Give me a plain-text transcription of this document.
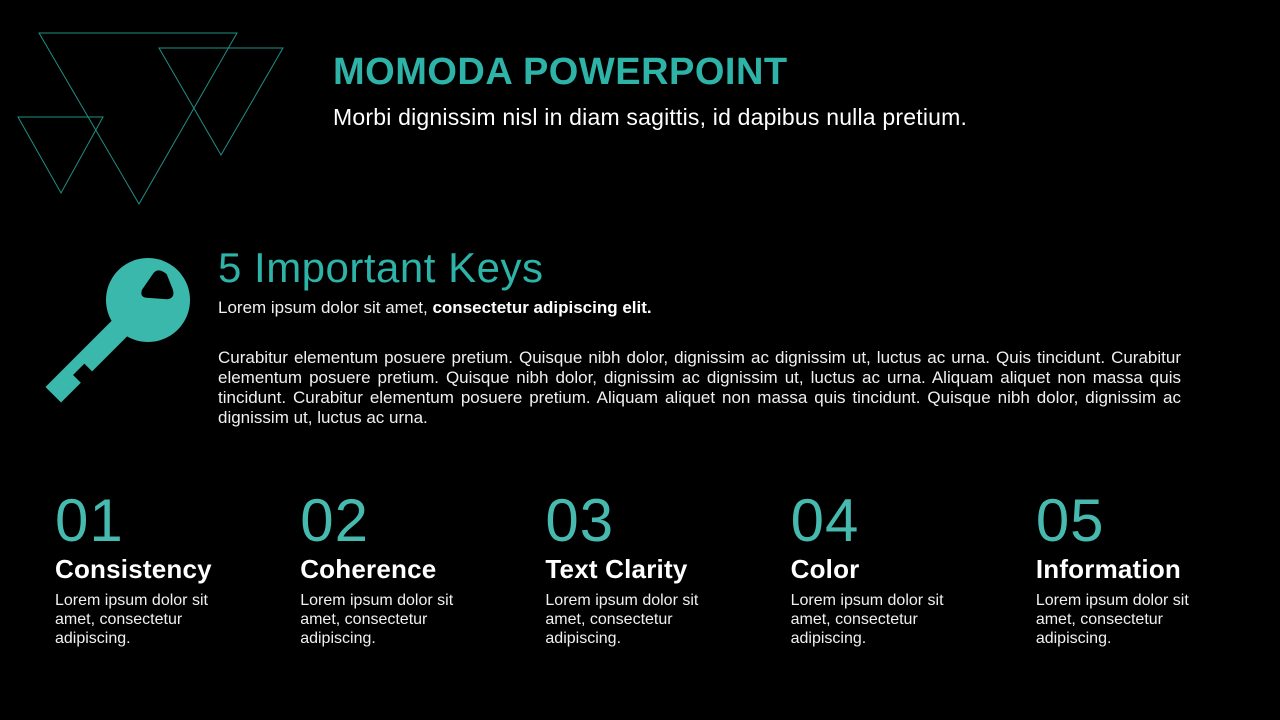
MOMODA POWERPOINT

Morbi dignissim nisl in diam sagittis, id dapibus nulla pretium.

5 Important Keys

Lorem ipsum dolor sit amet, consectetur adipiscing elit.

Curabitur elementum posuere pretium. Quisque nibh dolor, dignissim ac dignissim ut, luctus ac urna. Quis tincidunt. Curabitur elementum posuere pretium. Quisque nibh dolor, dignissim ac dignissim ut, luctus ac urna. Aliquam aliquet non massa quis tincidunt. Curabitur elementum posuere pretium. Aliquam aliquet non massa quis tincidunt. Quisque nibh dolor, dignissim ac dignissim ut, luctus ac urna.

01
Consistency

Lorem ipsum dolor sit amet, consectetur adipiscing.

02
Coherence

Lorem ipsum dolor sit amet, consectetur adipiscing.

03
Text Clarity

Lorem ipsum dolor sit amet, consectetur adipiscing.

04
Color

Lorem ipsum dolor sit amet, consectetur adipiscing.

05
Information

Lorem ipsum dolor sit amet, consectetur adipiscing.
